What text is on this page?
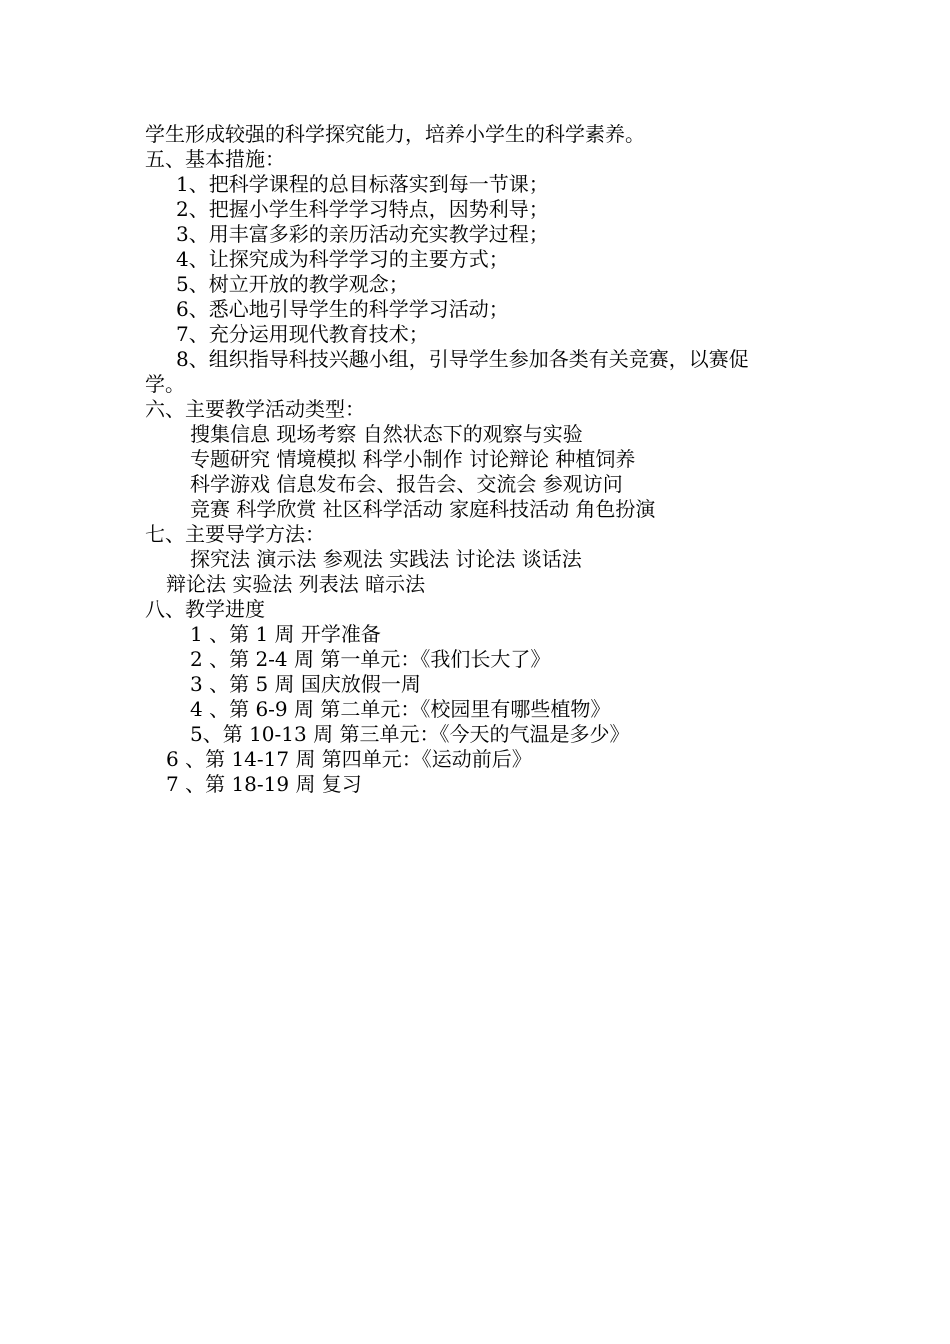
学生形成较强的科学探究能力，培养小学生的科学素养。
五、基本措施：
1、把科学课程的总目标落实到每一节课；
2、把握小学生科学学习特点，因势利导；
3、用丰富多彩的亲历活动充实教学过程；
4、让探究成为科学学习的主要方式；
5、树立开放的教学观念；
6、悉心地引导学生的科学学习活动；
7、充分运用现代教育技术；
8、组织指导科技兴趣小组，引导学生参加各类有关竞赛，以赛促
学。
六、主要教学活动类型：
搜集信息 现场考察 自然状态下的观察与实验
专题研究 情境模拟 科学小制作 讨论辩论 种植饲养
科学游戏 信息发布会、报告会、交流会 参观访问
竞赛 科学欣赏 社区科学活动 家庭科技活动 角色扮演
七、主要导学方法：
探究法 演示法 参观法 实践法 讨论法 谈话法
辩论法 实验法 列表法 暗示法
八、教学进度
1 、第 1 周 开学准备
2 、第 2-4 周 第一单元：《我们长大了》
3 、第 5 周 国庆放假一周
4 、第 6-9 周 第二单元：《校园里有哪些植物》
5、第 10-13 周 第三单元：《今天的气温是多少》
6 、第 14-17 周 第四单元：《运动前后》
7 、第 18-19 周 复习
